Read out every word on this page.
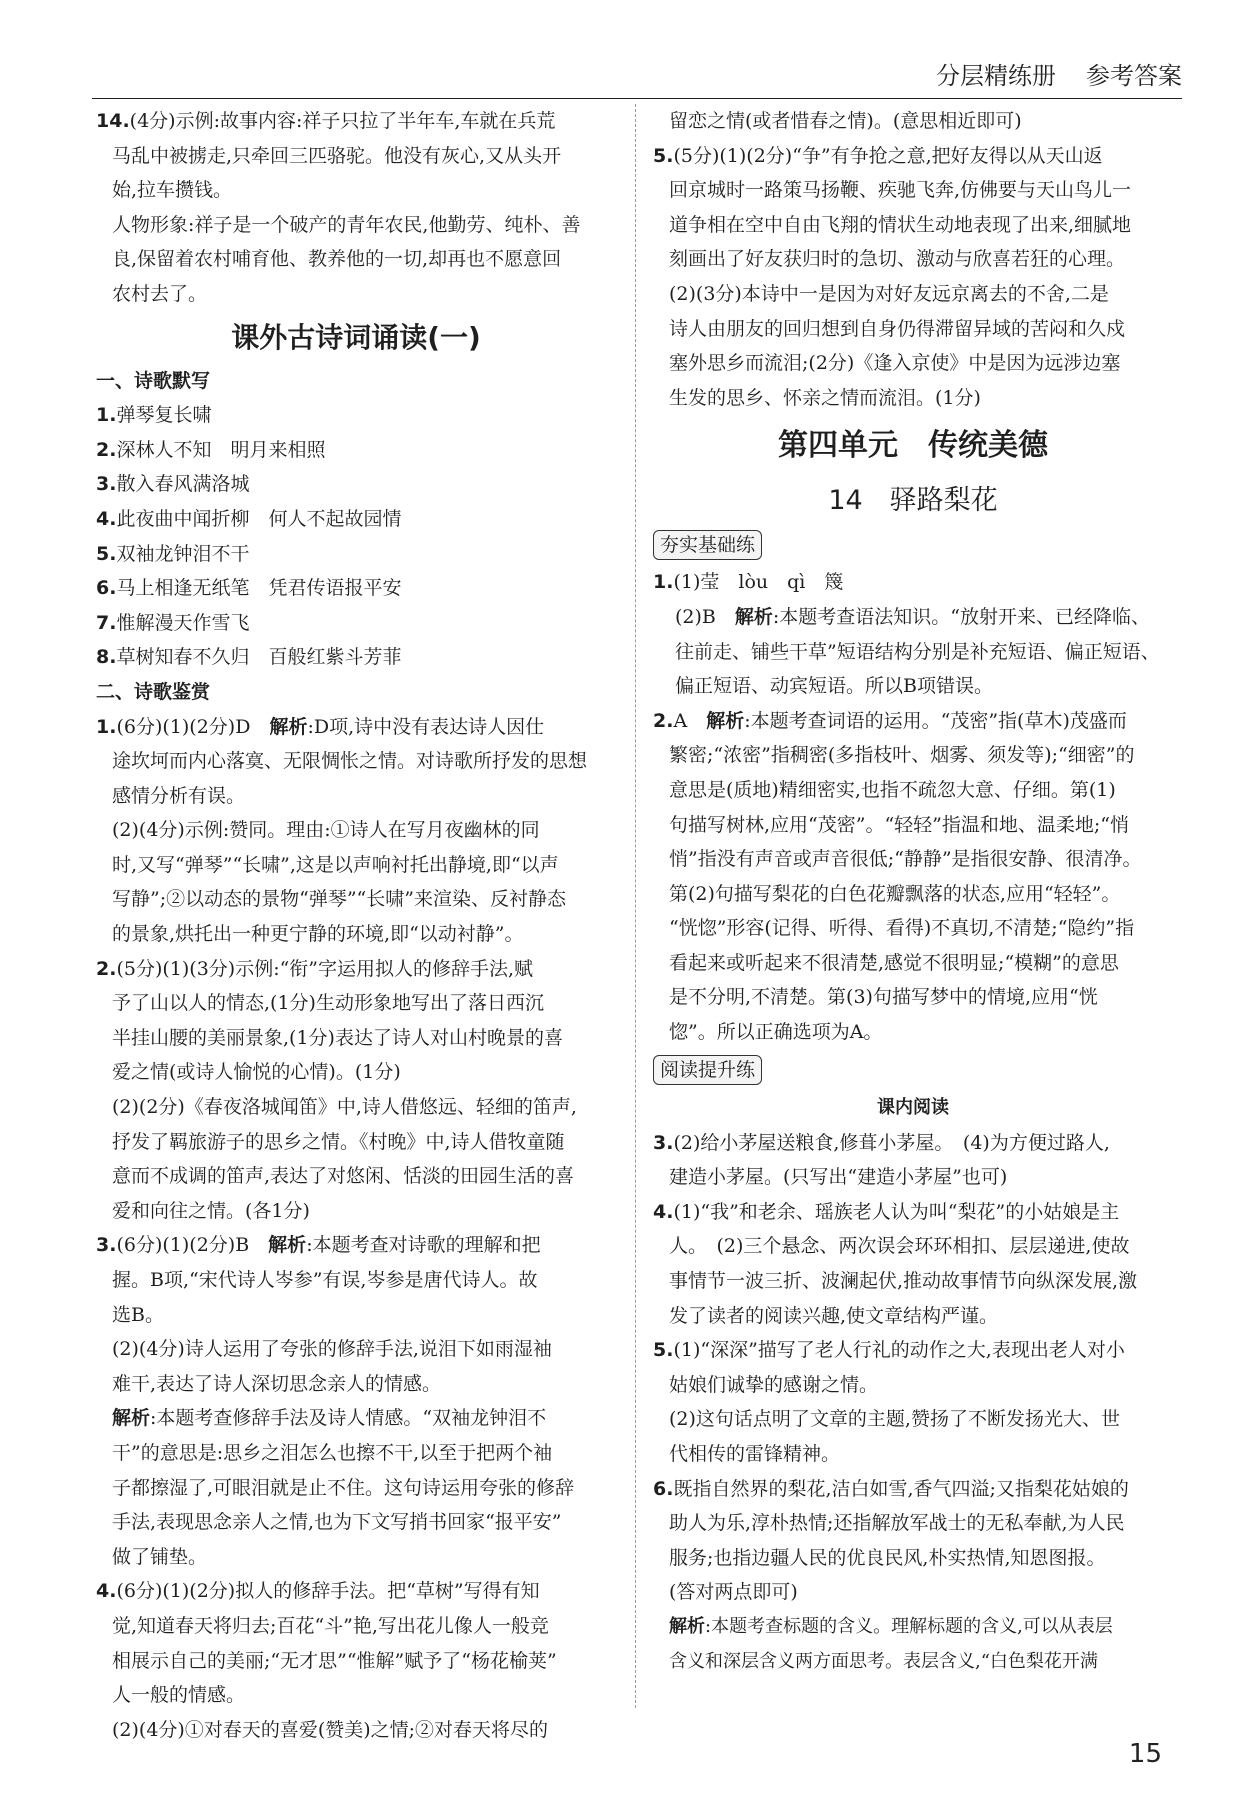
分层精练册 参考答案
14.(4分)示例:故事内容:祥子只拉了半年车,车就在兵荒
马乱中被掳走,只牵回三匹骆驼。他没有灰心,又从头开
始,拉车攒钱。
人物形象:祥子是一个破产的青年农民,他勤劳、纯朴、善
良,保留着农村哺育他、教养他的一切,却再也不愿意回
农村去了。
课外古诗词诵读(一)
一、诗歌默写
1.弹琴复长啸
2.深林人不知　明月来相照
3.散入春风满洛城
4.此夜曲中闻折柳　何人不起故园情
5.双袖龙钟泪不干
6.马上相逢无纸笔　凭君传语报平安
7.惟解漫天作雪飞
8.草树知春不久归　百般红紫斗芳菲
二、诗歌鉴赏
1.(6分)(1)(2分)D　解析:D项,诗中没有表达诗人因仕
途坎坷而内心落寞、无限惆怅之情。对诗歌所抒发的思想
感情分析有误。
(2)(4分)示例:赞同。理由:①诗人在写月夜幽林的同
时,又写“弹琴”“长啸”,这是以声响衬托出静境,即“以声
写静”;②以动态的景物“弹琴”“长啸”来渲染、反衬静态
的景象,烘托出一种更宁静的环境,即“以动衬静”。
2.(5分)(1)(3分)示例:“衔”字运用拟人的修辞手法,赋
予了山以人的情态,(1分)生动形象地写出了落日西沉
半挂山腰的美丽景象,(1分)表达了诗人对山村晚景的喜
爱之情(或诗人愉悦的心情)。(1分)
(2)(2分)《春夜洛城闻笛》中,诗人借悠远、轻细的笛声,
抒发了羁旅游子的思乡之情。《村晚》中,诗人借牧童随
意而不成调的笛声,表达了对悠闲、恬淡的田园生活的喜
爱和向往之情。(各1分)
3.(6分)(1)(2分)B　解析:本题考查对诗歌的理解和把
握。B项,“宋代诗人岑参”有误,岑参是唐代诗人。故
选B。
(2)(4分)诗人运用了夸张的修辞手法,说泪下如雨湿袖
难干,表达了诗人深切思念亲人的情感。
解析:本题考查修辞手法及诗人情感。“双袖龙钟泪不
干”的意思是:思乡之泪怎么也擦不干,以至于把两个袖
子都擦湿了,可眼泪就是止不住。这句诗运用夸张的修辞
手法,表现思念亲人之情,也为下文写捎书回家“报平安”
做了铺垫。
4.(6分)(1)(2分)拟人的修辞手法。把“草树”写得有知
觉,知道春天将归去;百花“斗”艳,写出花儿像人一般竞
相展示自己的美丽;“无才思”“惟解”赋予了“杨花榆荚”
人一般的情感。
(2)(4分)①对春天的喜爱(赞美)之情;②对春天将尽的
留恋之情(或者惜春之情)。(意思相近即可)
5.(5分)(1)(2分)“争”有争抢之意,把好友得以从天山返
回京城时一路策马扬鞭、疾驰飞奔,仿佛要与天山鸟儿一
道争相在空中自由飞翔的情状生动地表现了出来,细腻地
刻画出了好友获归时的急切、激动与欣喜若狂的心理。
(2)(3分)本诗中一是因为对好友远京离去的不舍,二是
诗人由朋友的回归想到自身仍得滞留异域的苦闷和久戍
塞外思乡而流泪;(2分)《逢入京使》中是因为远涉边塞
生发的思乡、怀亲之情而流泪。(1分)
第四单元　传统美德
14　驿路梨花
夯实基础练
1.(1)莹　lòu　qì　篾
(2)B　解析:本题考查语法知识。“放射开来、已经降临、
往前走、铺些干草”短语结构分别是补充短语、偏正短语、
偏正短语、动宾短语。所以B项错误。
2.A　解析:本题考查词语的运用。“茂密”指(草木)茂盛而
繁密;“浓密”指稠密(多指枝叶、烟雾、须发等);“细密”的
意思是(质地)精细密实,也指不疏忽大意、仔细。第(1)
句描写树林,应用“茂密”。“轻轻”指温和地、温柔地;“悄
悄”指没有声音或声音很低;“静静”是指很安静、很清净。
第(2)句描写梨花的白色花瓣飘落的状态,应用“轻轻”。
“恍惚”形容(记得、听得、看得)不真切,不清楚;“隐约”指
看起来或听起来不很清楚,感觉不很明显;“模糊”的意思
是不分明,不清楚。第(3)句描写梦中的情境,应用“恍
惚”。所以正确选项为A。
阅读提升练
课内阅读
3.(2)给小茅屋送粮食,修葺小茅屋。　(4)为方便过路人,
建造小茅屋。(只写出“建造小茅屋”也可)
4.(1)“我”和老余、瑶族老人认为叫“梨花”的小姑娘是主
人。　(2)三个悬念、两次误会环环相扣、层层递进,使故
事情节一波三折、波澜起伏,推动故事情节向纵深发展,激
发了读者的阅读兴趣,使文章结构严谨。
5.(1)“深深”描写了老人行礼的动作之大,表现出老人对小
姑娘们诚挚的感谢之情。
(2)这句话点明了文章的主题,赞扬了不断发扬光大、世
代相传的雷锋精神。
6.既指自然界的梨花,洁白如雪,香气四溢;又指梨花姑娘的
助人为乐,淳朴热情;还指解放军战士的无私奉献,为人民
服务;也指边疆人民的优良民风,朴实热情,知恩图报。
(答对两点即可)
解析:本题考查标题的含义。理解标题的含义,可以从表层
含义和深层含义两方面思考。表层含义,“白色梨花开满
15
